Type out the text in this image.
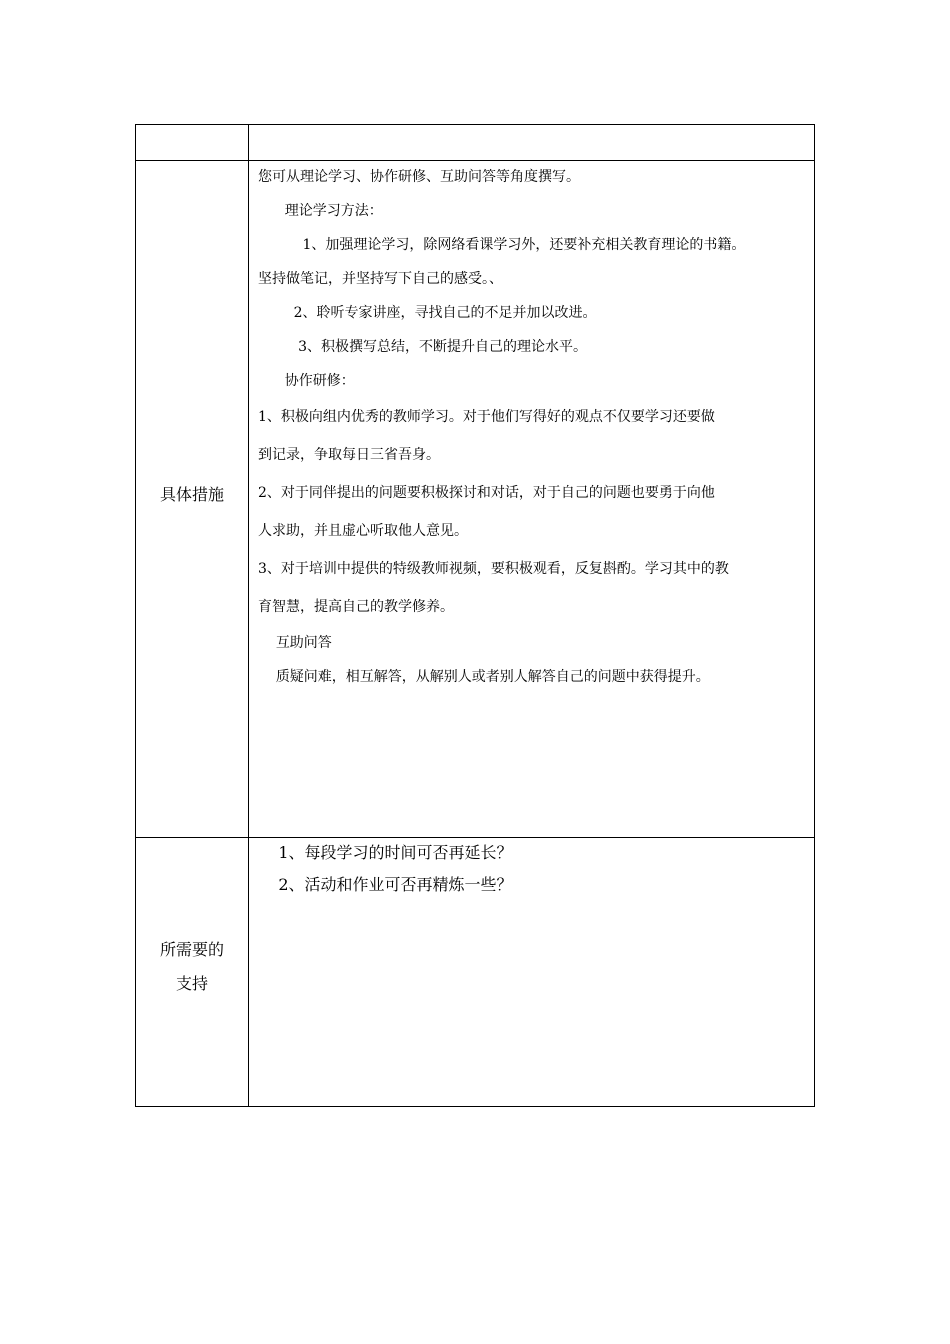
具体措施

您可从理论学习、协作研修、互助问答等角度撰写。

理论学习方法：

1、加强理论学习，除网络看课学习外，还要补充相关教育理论的书籍。

坚持做笔记，并坚持写下自己的感受。、

2、聆听专家讲座，寻找自己的不足并加以改进。

3、积极撰写总结，不断提升自己的理论水平。

协作研修：

1、积极向组内优秀的教师学习。对于他们写得好的观点不仅要学习还要做

到记录，争取每日三省吾身。

2、对于同伴提出的问题要积极探讨和对话，对于自己的问题也要勇于向他

人求助，并且虚心听取他人意见。

3、对于培训中提供的特级教师视频，要积极观看，反复斟酌。学习其中的教

育智慧，提高自己的教学修养。

互助问答

质疑问难，相互解答，从解别人或者别人解答自己的问题中获得提升。

所需要的
支持

1、每段学习的时间可否再延长？

2、活动和作业可否再精炼一些？
